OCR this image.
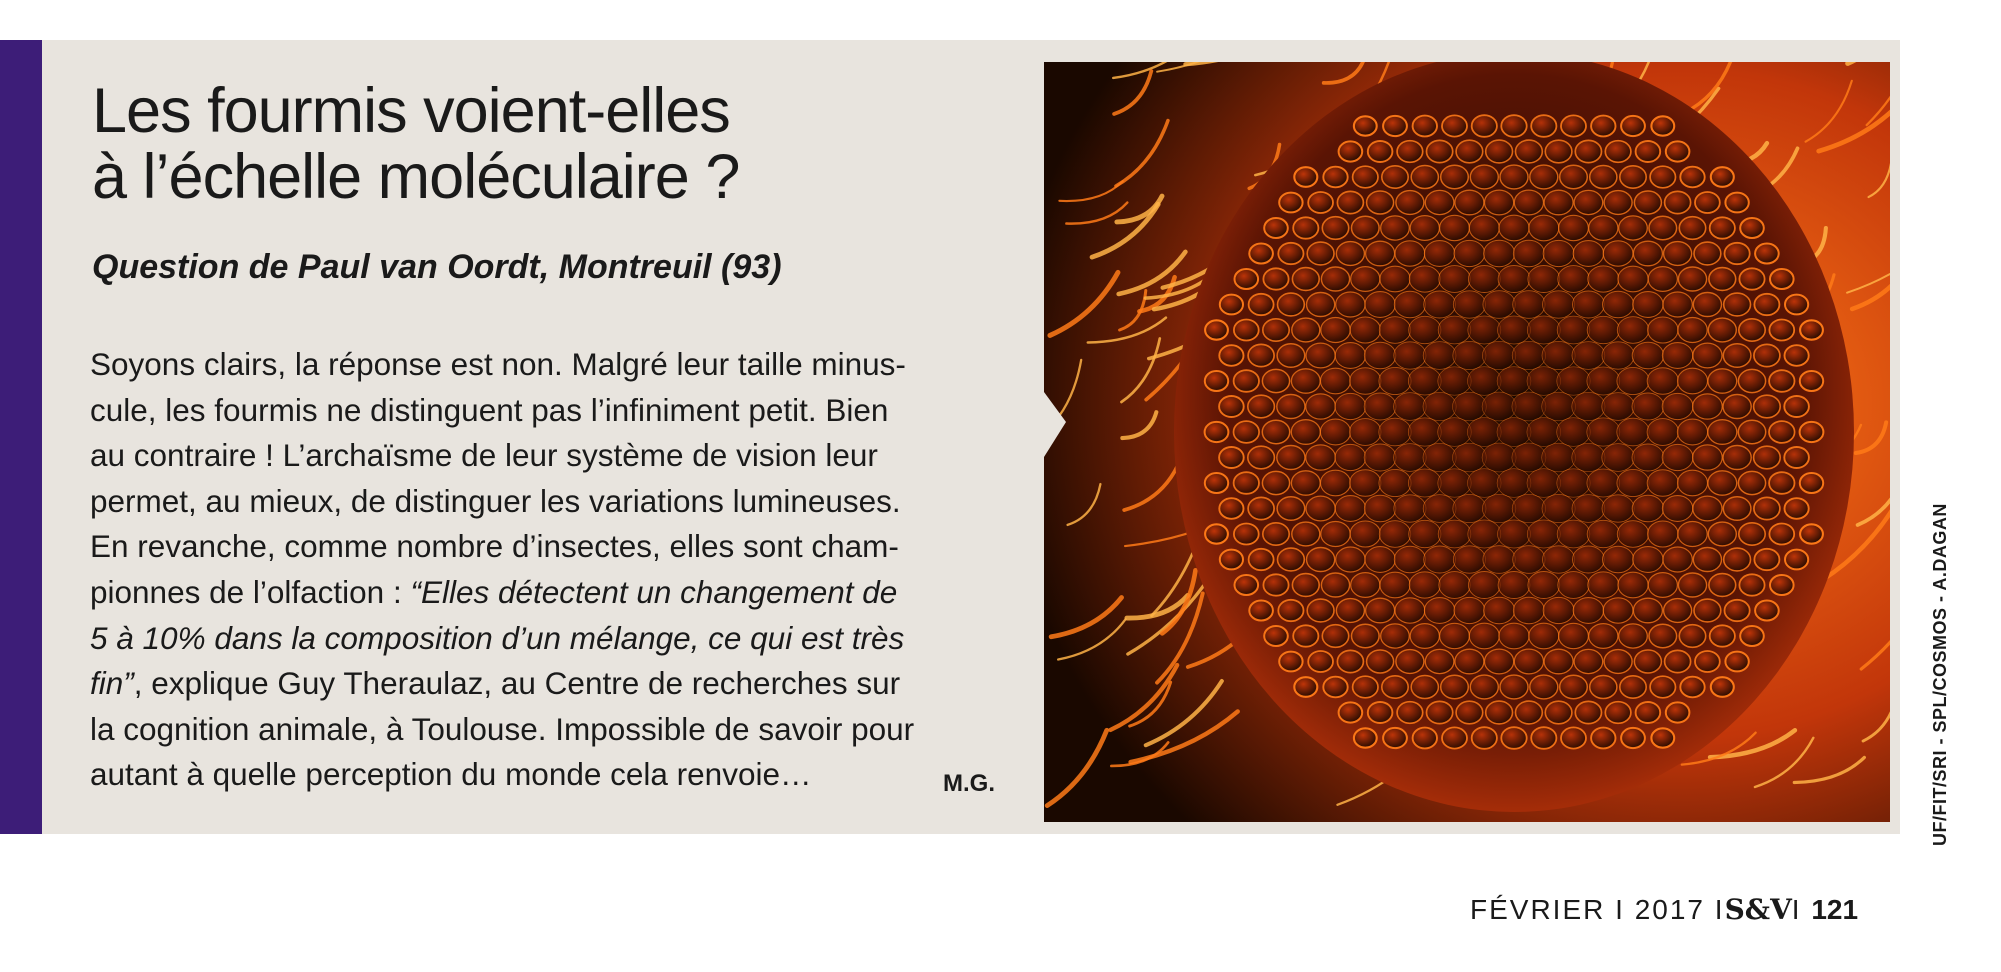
Les fourmis voient-elles
à l’échelle moléculaire ?
Question de Paul van Oordt, Montreuil (93)
Soyons clairs, la réponse est non. Malgré leur taille minus-
cule, les fourmis ne distinguent pas l’infiniment petit. Bien
au contraire ! L’archaïsme de leur système de vision leur
permet, au mieux, de distinguer les variations lumineuses.
En revanche, comme nombre d’insectes, elles sont cham-
pionnes de l’olfaction : “Elles détectent un changement de
5 à 10% dans la composition d’un mélange, ce qui est très
fin”, explique Guy Theraulaz, au Centre de recherches sur
la cognition animale, à Toulouse. Impossible de savoir pour
autant à quelle perception du monde cela renvoie…	M.G.	UF/FIT/SRI - SPL/COSMOS - A.DAGAN
FÉVRIER I 2017 IS&VI 121
